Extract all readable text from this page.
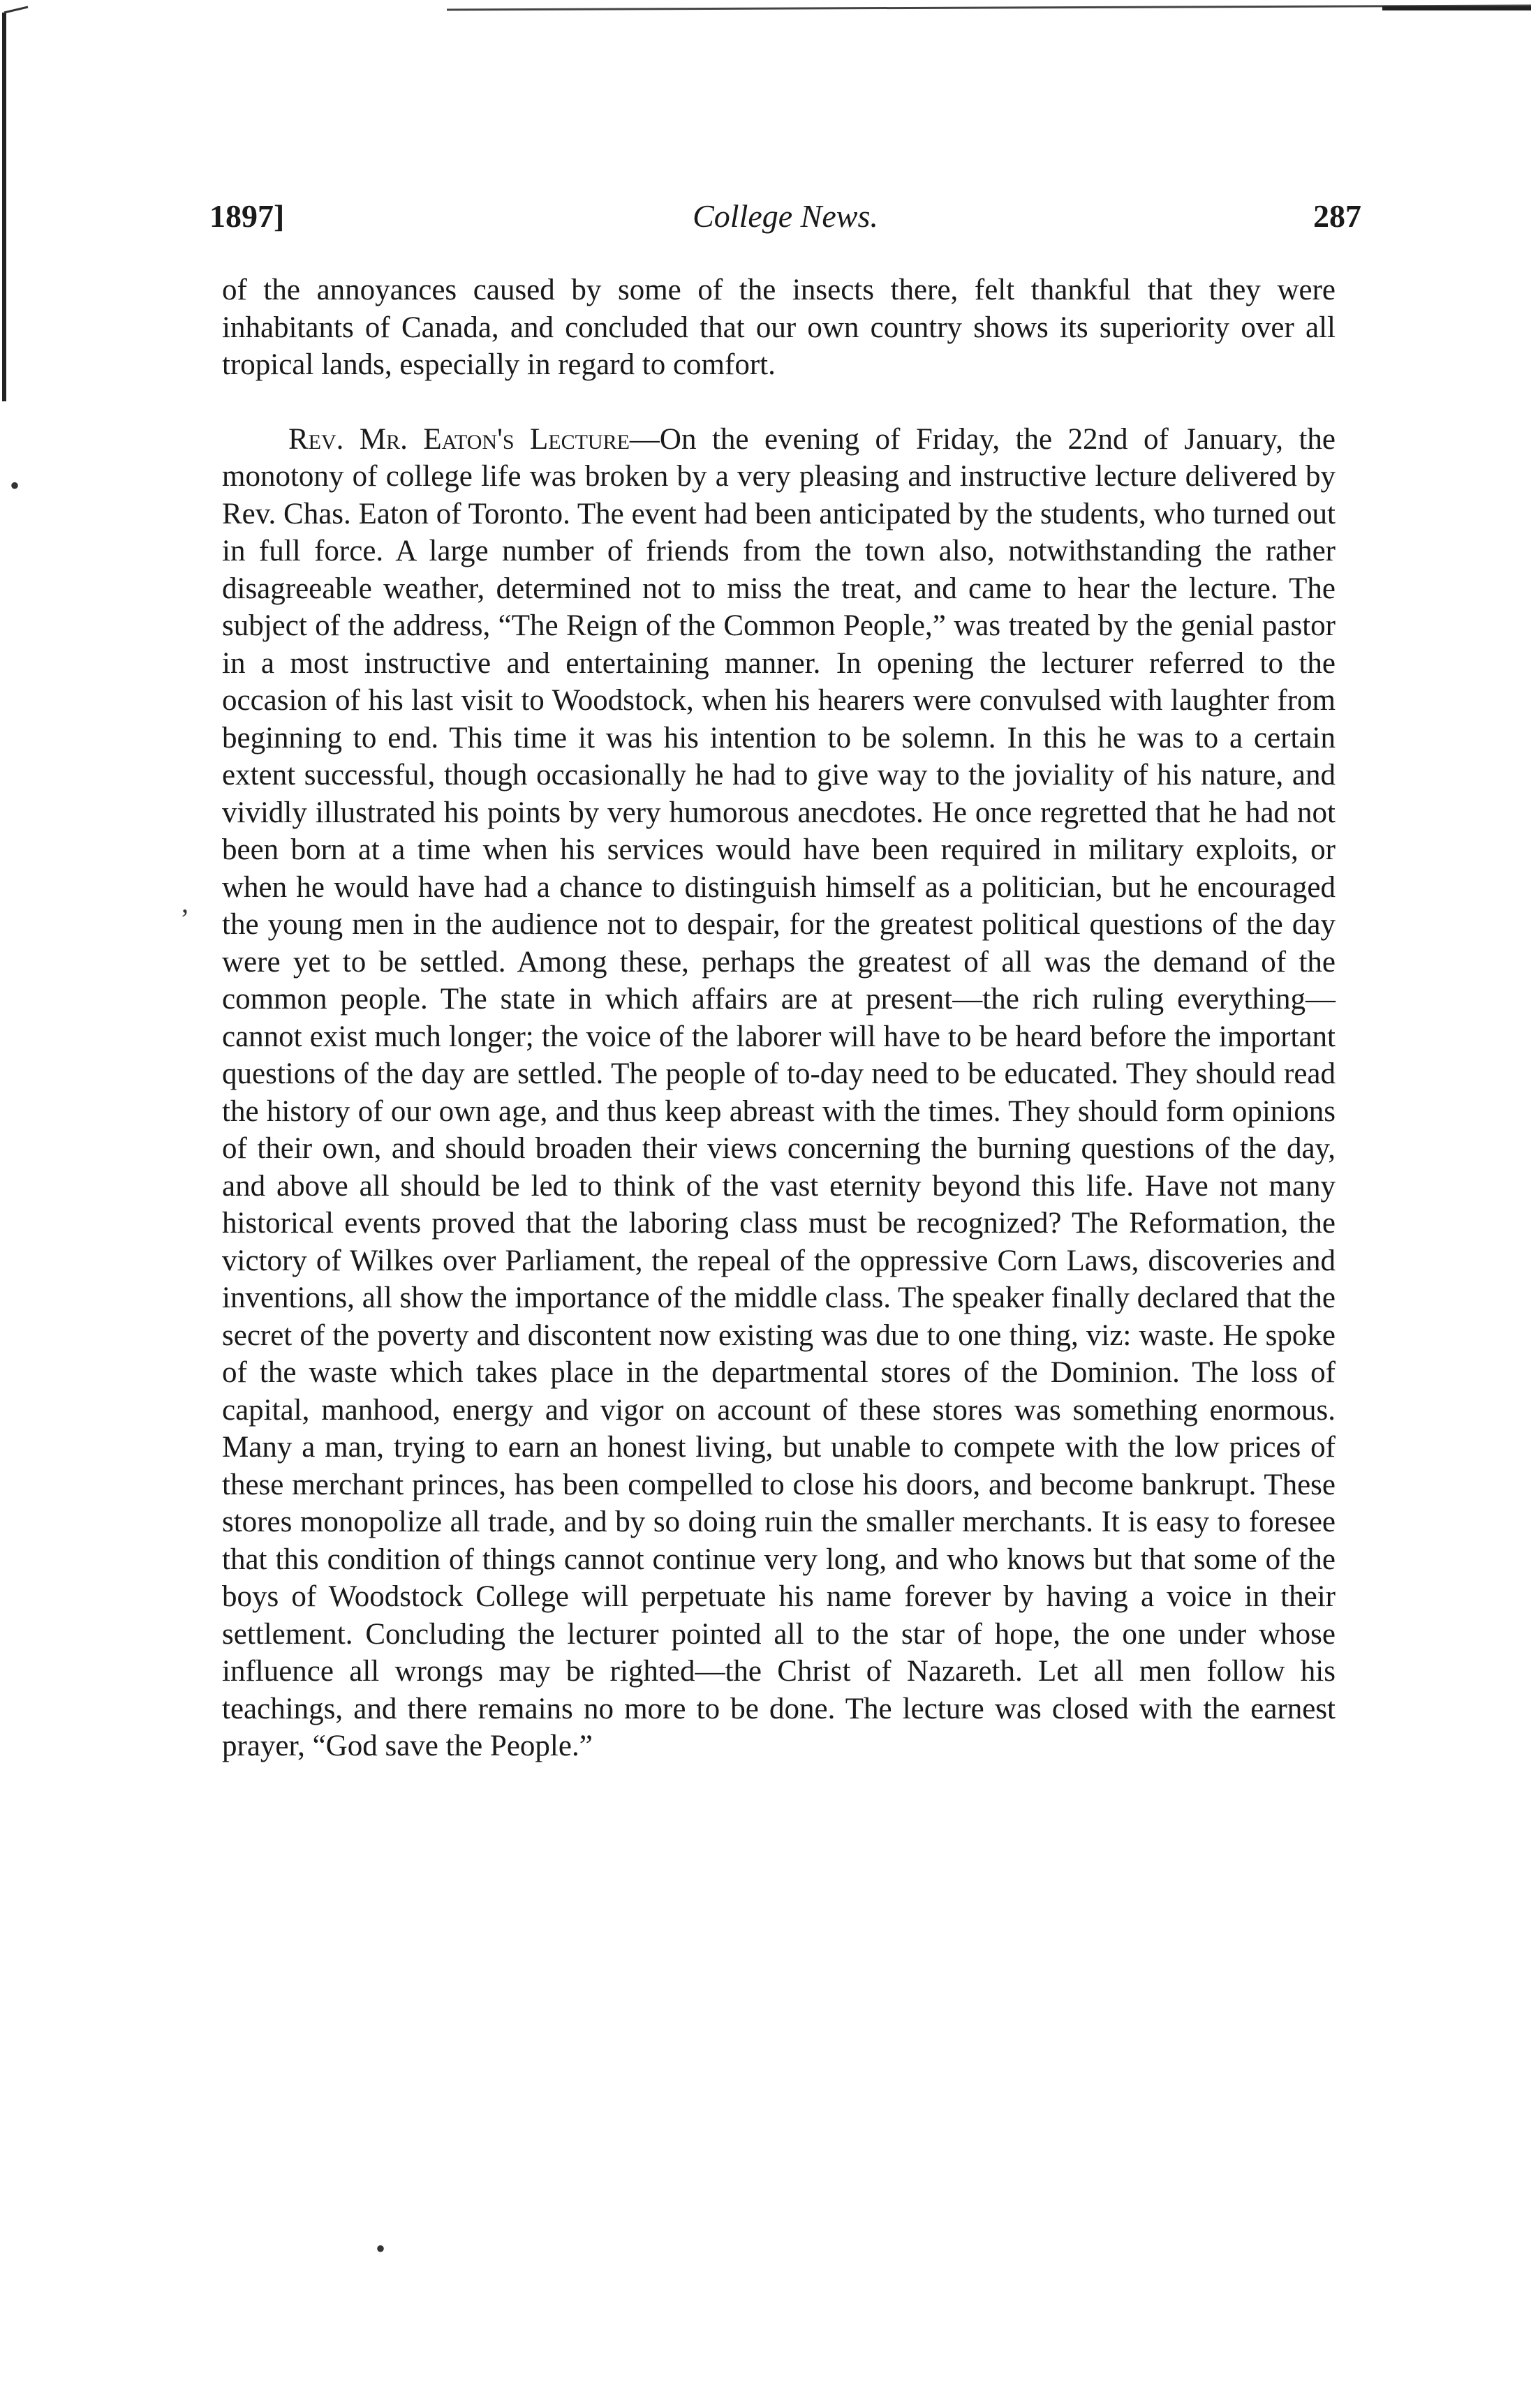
1897]	College News.	287

of the annoyances caused by some of the insects there, felt thankful that they were inhabitants of Canada, and concluded that our own country shows its superiority over all tropical lands, especially in regard to comfort.

Rev. Mr. Eaton's Lecture—On the evening of Friday, the 22nd of January, the monotony of college life was broken by a very pleasing and instructive lecture delivered by Rev. Chas. Eaton of Toronto. The event had been anticipated by the students, who turned out in full force. A large number of friends from the town also, notwithstanding the rather disagreeable weather, determined not to miss the treat, and came to hear the lecture. The subject of the address, “The Reign of the Common People,” was treated by the genial pastor in a most instructive and entertaining manner. In opening the lecturer referred to the occasion of his last visit to Woodstock, when his hearers were convulsed with laughter from beginning to end. This time it was his intention to be solemn. In this he was to a certain extent successful, though occasionally he had to give way to the joviality of his nature, and vividly illustrated his points by very humorous anecdotes. He once regretted that he had not been born at a time when his services would have been required in military exploits, or when he would have had a chance to distinguish himself as a politician, but he encouraged the young men in the audience not to despair, for the greatest political questions of the day were yet to be settled. Among these, perhaps the greatest of all was the demand of the common people. The state in which affairs are at present—the rich ruling everything—cannot exist much longer; the voice of the laborer will have to be heard before the important questions of the day are settled. The people of to-day need to be educated. They should read the history of our own age, and thus keep abreast with the times. They should form opinions of their own, and should broaden their views concerning the burning questions of the day, and above all should be led to think of the vast eternity beyond this life. Have not many historical events proved that the laboring class must be recognized? The Reformation, the victory of Wilkes over Parliament, the repeal of the oppressive Corn Laws, discoveries and inventions, all show the importance of the middle class. The speaker finally declared that the secret of the poverty and discontent now existing was due to one thing, viz: waste. He spoke of the waste which takes place in the departmental stores of the Dominion. The loss of capital, manhood, energy and vigor on account of these stores was something enormous. Many a man, trying to earn an honest living, but unable to compete with the low prices of these merchant princes, has been compelled to close his doors, and become bankrupt. These stores monopolize all trade, and by so doing ruin the smaller merchants. It is easy to foresee that this condition of things cannot continue very long, and who knows but that some of the boys of Woodstock College will perpetuate his name forever by having a voice in their settlement. Concluding the lecturer pointed all to the star of hope, the one under whose influence all wrongs may be righted—the Christ of Nazareth. Let all men follow his teachings, and there remains no more to be done. The lecture was closed with the earnest prayer, “God save the People.”

•
,
•
